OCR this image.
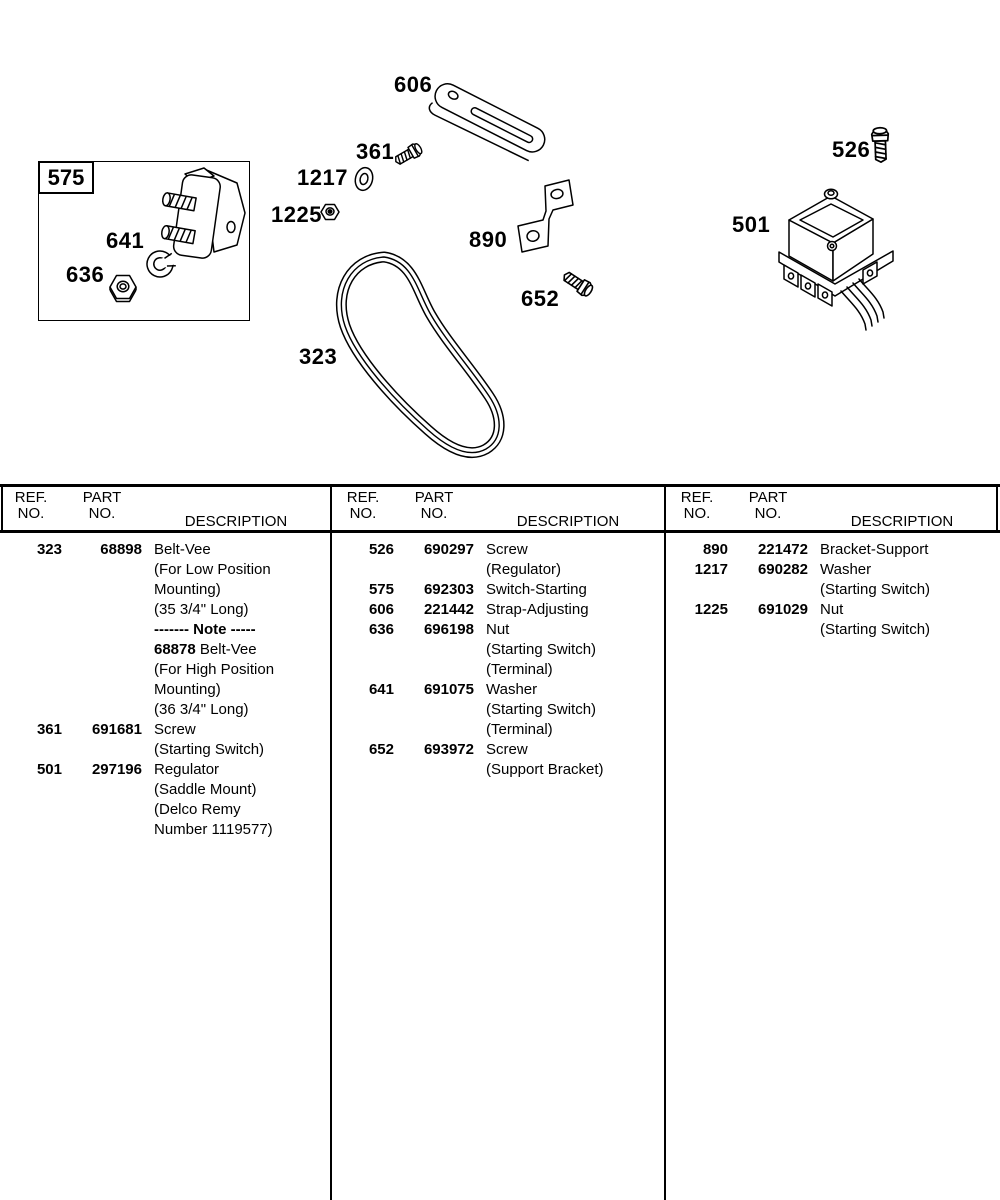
575
606
361
1217
1225
641
636
890
652
323
526
501
REF.
NO.
PART
NO.	DESCRIPTION
REF.
NO.
PART
NO.	DESCRIPTION
REF.
NO.
PART
NO.	DESCRIPTION
323	68898 Belt-Vee
(For Low Position
Mounting)
(35 3/4" Long)
------- Note -----
68878 Belt-Vee
(For High Position
Mounting)
(36 3/4" Long)
361	691681 Screw
(Starting Switch)
501	297196 Regulator
(Saddle Mount)
(Delco Remy
Number 1119577)
526	690297 Screw
(Regulator)
575	692303 Switch-Starting
606	221442 Strap-Adjusting
636	696198 Nut
(Starting Switch)
(Terminal)
641	691075 Washer
(Starting Switch)
(Terminal)
652	693972 Screw
(Support Bracket)
890	221472 Bracket-Support
1217	690282 Washer
(Starting Switch)
1225	691029 Nut
(Starting Switch)
